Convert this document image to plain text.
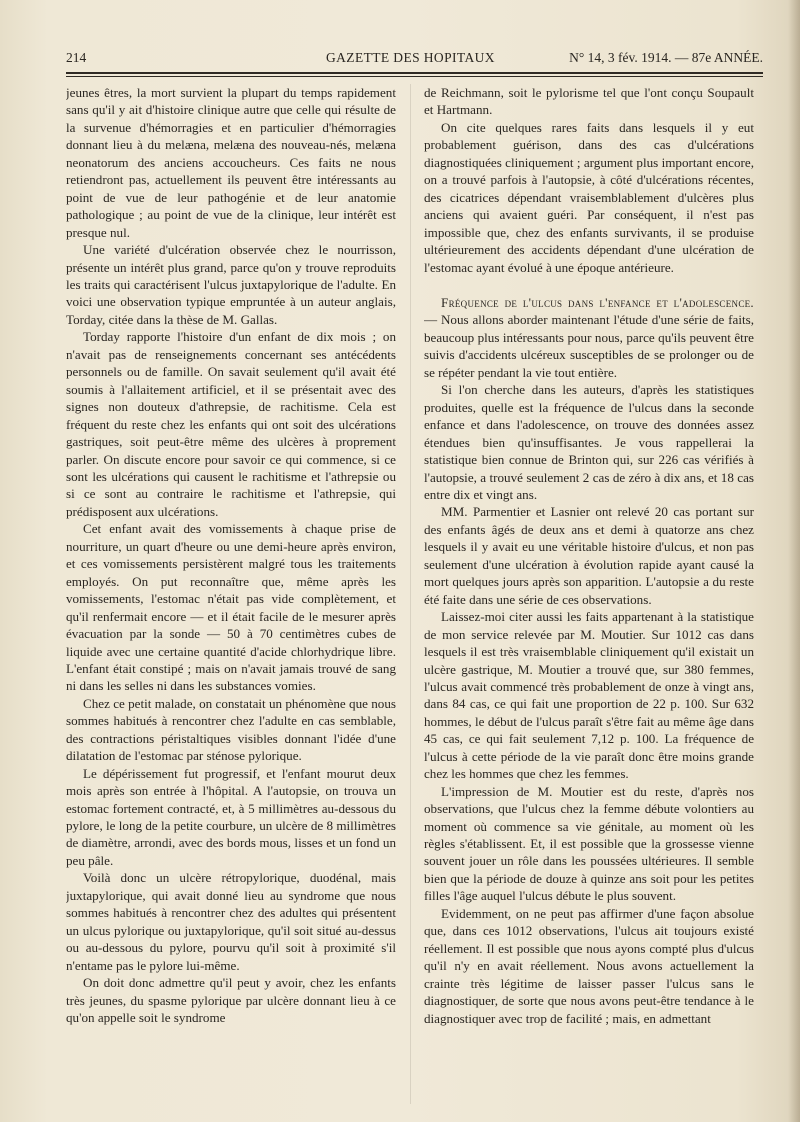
214	GAZETTE DES HOPITAUX	N° 14, 3 fév. 1914. — 87e ANNÉE.

jeunes êtres, la mort survient la plupart du temps rapidement sans qu'il y ait d'histoire clinique autre que celle qui résulte de la survenue d'hémorragies et en particulier d'hémorragies donnant lieu à du melæna, melæna des nouveau-nés, melæna neonatorum des anciens accoucheurs. Ces faits ne nous retiendront pas, actuellement ils peuvent être intéressants au point de vue de leur pathogénie et de leur anatomie pathologique ; au point de vue de la clinique, leur intérêt est presque nul.

Une variété d'ulcération observée chez le nourrisson, présente un intérêt plus grand, parce qu'on y trouve reproduits les traits qui caractérisent l'ulcus juxtapylorique de l'adulte. En voici une observation typique empruntée à un auteur anglais, Torday, citée dans la thèse de M. Gallas.

Torday rapporte l'histoire d'un enfant de dix mois ; on n'avait pas de renseignements concernant ses antécédents personnels ou de famille. On savait seulement qu'il avait été soumis à l'allaitement artificiel, et il se présentait avec des signes non douteux d'athrepsie, de rachitisme. Cela est fréquent du reste chez les enfants qui ont soit des ulcérations gastriques, soit peut-être même des ulcères à proprement parler. On discute encore pour savoir ce qui commence, si ce sont les ulcérations qui causent le rachitisme et l'athrepsie ou si ce sont au contraire le rachitisme et l'athrepsie, qui prédisposent aux ulcérations.

Cet enfant avait des vomissements à chaque prise de nourriture, un quart d'heure ou une demi-heure après environ, et ces vomissements persistèrent malgré tous les traitements employés. On put reconnaître que, même après les vomissements, l'estomac n'était pas vide complètement, et qu'il renfermait encore — et il était facile de le mesurer après évacuation par la sonde — 50 à 70 centimètres cubes de liquide avec une certaine quantité d'acide chlorhydrique libre. L'enfant était constipé ; mais on n'avait jamais trouvé de sang ni dans les selles ni dans les substances vomies.

Chez ce petit malade, on constatait un phénomène que nous sommes habitués à rencontrer chez l'adulte en cas semblable, des contractions péristaltiques visibles donnant l'idée d'une dilatation de l'estomac par sténose pylorique.

Le dépérissement fut progressif, et l'enfant mourut deux mois après son entrée à l'hôpital. A l'autopsie, on trouva un estomac fortement contracté, et, à 5 millimètres au-dessous du pylore, le long de la petite courbure, un ulcère de 8 millimètres de diamètre, arrondi, avec des bords mous, lisses et un fond un peu pâle.

Voilà donc un ulcère rétropylorique, duodénal, mais juxtapylorique, qui avait donné lieu au syndrome que nous sommes habitués à rencontrer chez des adultes qui présentent un ulcus pylorique ou juxtapylorique, qu'il soit situé au-dessus ou au-dessous du pylore, pourvu qu'il soit à proximité s'il n'entame pas le pylore lui-même.

On doit donc admettre qu'il peut y avoir, chez les enfants très jeunes, du spasme pylorique par ulcère donnant lieu à ce qu'on appelle soit le syndrome

de Reichmann, soit le pylorisme tel que l'ont conçu Soupault et Hartmann.

On cite quelques rares faits dans lesquels il y eut probablement guérison, dans des cas d'ulcérations diagnostiquées cliniquement ; argument plus important encore, on a trouvé parfois à l'autopsie, à côté d'ulcérations récentes, des cicatrices dépendant vraisemblablement d'ulcères plus anciens qui avaient guéri. Par conséquent, il n'est pas impossible que, chez des enfants survivants, il se produise ultérieurement des accidents dépendant d'une ulcération de l'estomac ayant évolué à une époque antérieure.

Fréquence de l'ulcus dans l'enfance et l'adolescence. — Nous allons aborder maintenant l'étude d'une série de faits, beaucoup plus intéressants pour nous, parce qu'ils peuvent être suivis d'accidents ulcéreux susceptibles de se prolonger ou de se répéter pendant la vie tout entière.

Si l'on cherche dans les auteurs, d'après les statistiques produites, quelle est la fréquence de l'ulcus dans la seconde enfance et dans l'adolescence, on trouve des données assez étendues bien qu'insuffisantes. Je vous rappellerai la statistique bien connue de Brinton qui, sur 226 cas vérifiés à l'autopsie, a trouvé seulement 2 cas de zéro à dix ans, et 18 cas entre dix et vingt ans.

MM. Parmentier et Lasnier ont relevé 20 cas portant sur des enfants âgés de deux ans et demi à quatorze ans chez lesquels il y avait eu une véritable histoire d'ulcus, et non pas seulement d'une ulcération à évolution rapide ayant causé la mort quelques jours après son apparition. L'autopsie a du reste été faite dans une série de ces observations.

Laissez-moi citer aussi les faits appartenant à la statistique de mon service relevée par M. Moutier. Sur 1012 cas dans lesquels il est très vraisemblable cliniquement qu'il existait un ulcère gastrique, M. Moutier a trouvé que, sur 380 femmes, l'ulcus avait commencé très probablement de onze à vingt ans, dans 84 cas, ce qui fait une proportion de 22 p. 100. Sur 632 hommes, le début de l'ulcus paraît s'être fait au même âge dans 45 cas, ce qui fait seulement 7,12 p. 100. La fréquence de l'ulcus à cette période de la vie paraît donc être moins grande chez les hommes que chez les femmes.

L'impression de M. Moutier est du reste, d'après nos observations, que l'ulcus chez la femme débute volontiers au moment où commence sa vie génitale, au moment où les règles s'établissent. Et, il est possible que la grossesse vienne souvent jouer un rôle dans les poussées ultérieures. Il semble bien que la période de douze à quinze ans soit pour les petites filles l'âge auquel l'ulcus débute le plus souvent.

Evidemment, on ne peut pas affirmer d'une façon absolue que, dans ces 1012 observations, l'ulcus ait toujours existé réellement. Il est possible que nous ayons compté plus d'ulcus qu'il n'y en avait réellement. Nous avons actuellement la crainte très légitime de laisser passer l'ulcus sans le diagnostiquer, de sorte que nous avons peut-être tendance à le diagnostiquer avec trop de facilité ; mais, en admettant
